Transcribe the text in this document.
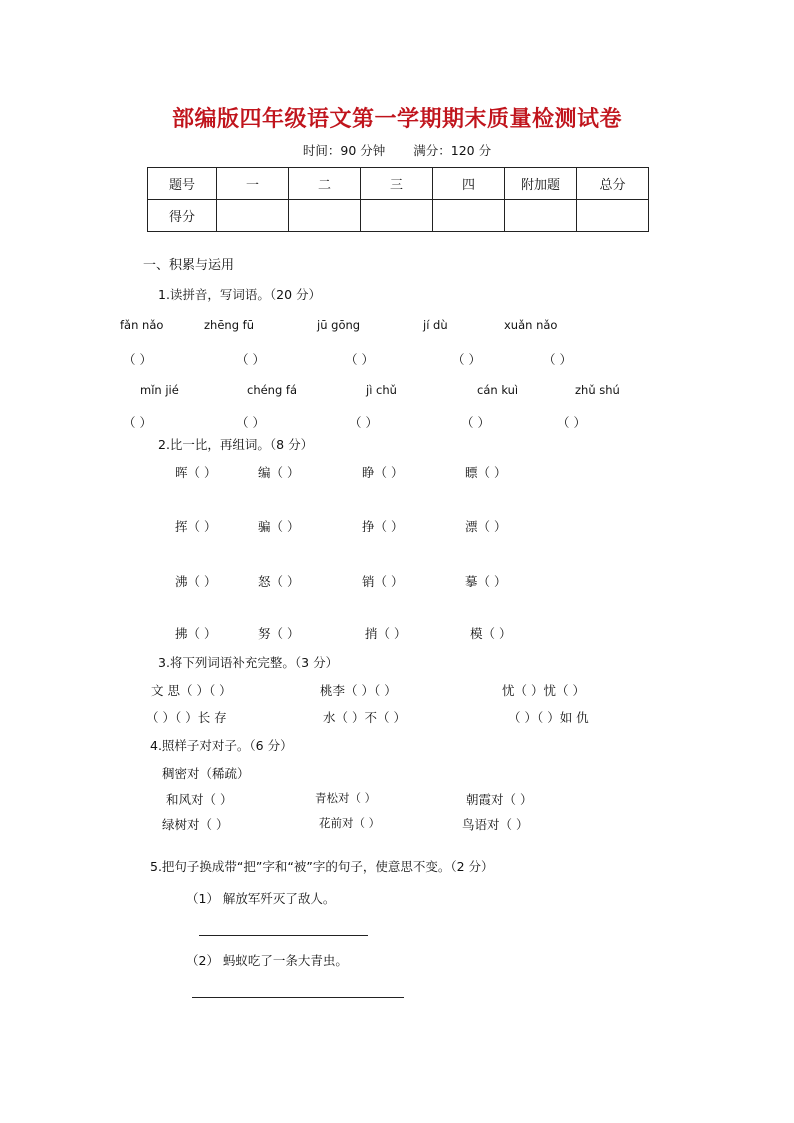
部编版四年级语文第一学期期末质量检测试卷
时间：90 分钟 满分：120 分
题号	一	二	三	四	附加题	总分
得分						
一、积累与运用
1.读拼音，写词语。（20 分）
fǎn nǎo	zhēng fū	jū gōng	jí dù	xuǎn nǎo
（ ）	（ ）	（ ）	（ ）	（ ）
mǐn jié	chéng fá	jì chǔ	cán kuì	zhǔ shú
（ ）	（ ）	（ ）	（ ）	（ ）
2.比一比，再组词。（8 分）
晖（ ）	编（ ）	睁（ ）	瞟（ ）
挥（ ）	骗（ ）	挣（ ）	漂（ ）
沸（ ）	怒（ ）	销（ ）	摹（ ）
拂（ ）	努（ ）	捎（ ）	模（ ）
3.将下列词语补充完整。（3 分）
文 思（ ）（ ）	桃李（ ）（ ）	忧（ ）忧（ ）
（ ）（ ）长 存	水（ ）不（ ）	（ ）（ ）如 仇
4.照样子对对子。（6 分）
稠密对（稀疏）
和风对（ ）	青松对（ ）	朝霞对（ ）
绿树对（ ）	花前对（ ）	鸟语对（ ）
5.把句子换成带“把”字和“被”字的句子，使意思不变。（2 分）
（1） 解放军歼灭了敌人。
（2） 蚂蚁吃了一条大青虫。
